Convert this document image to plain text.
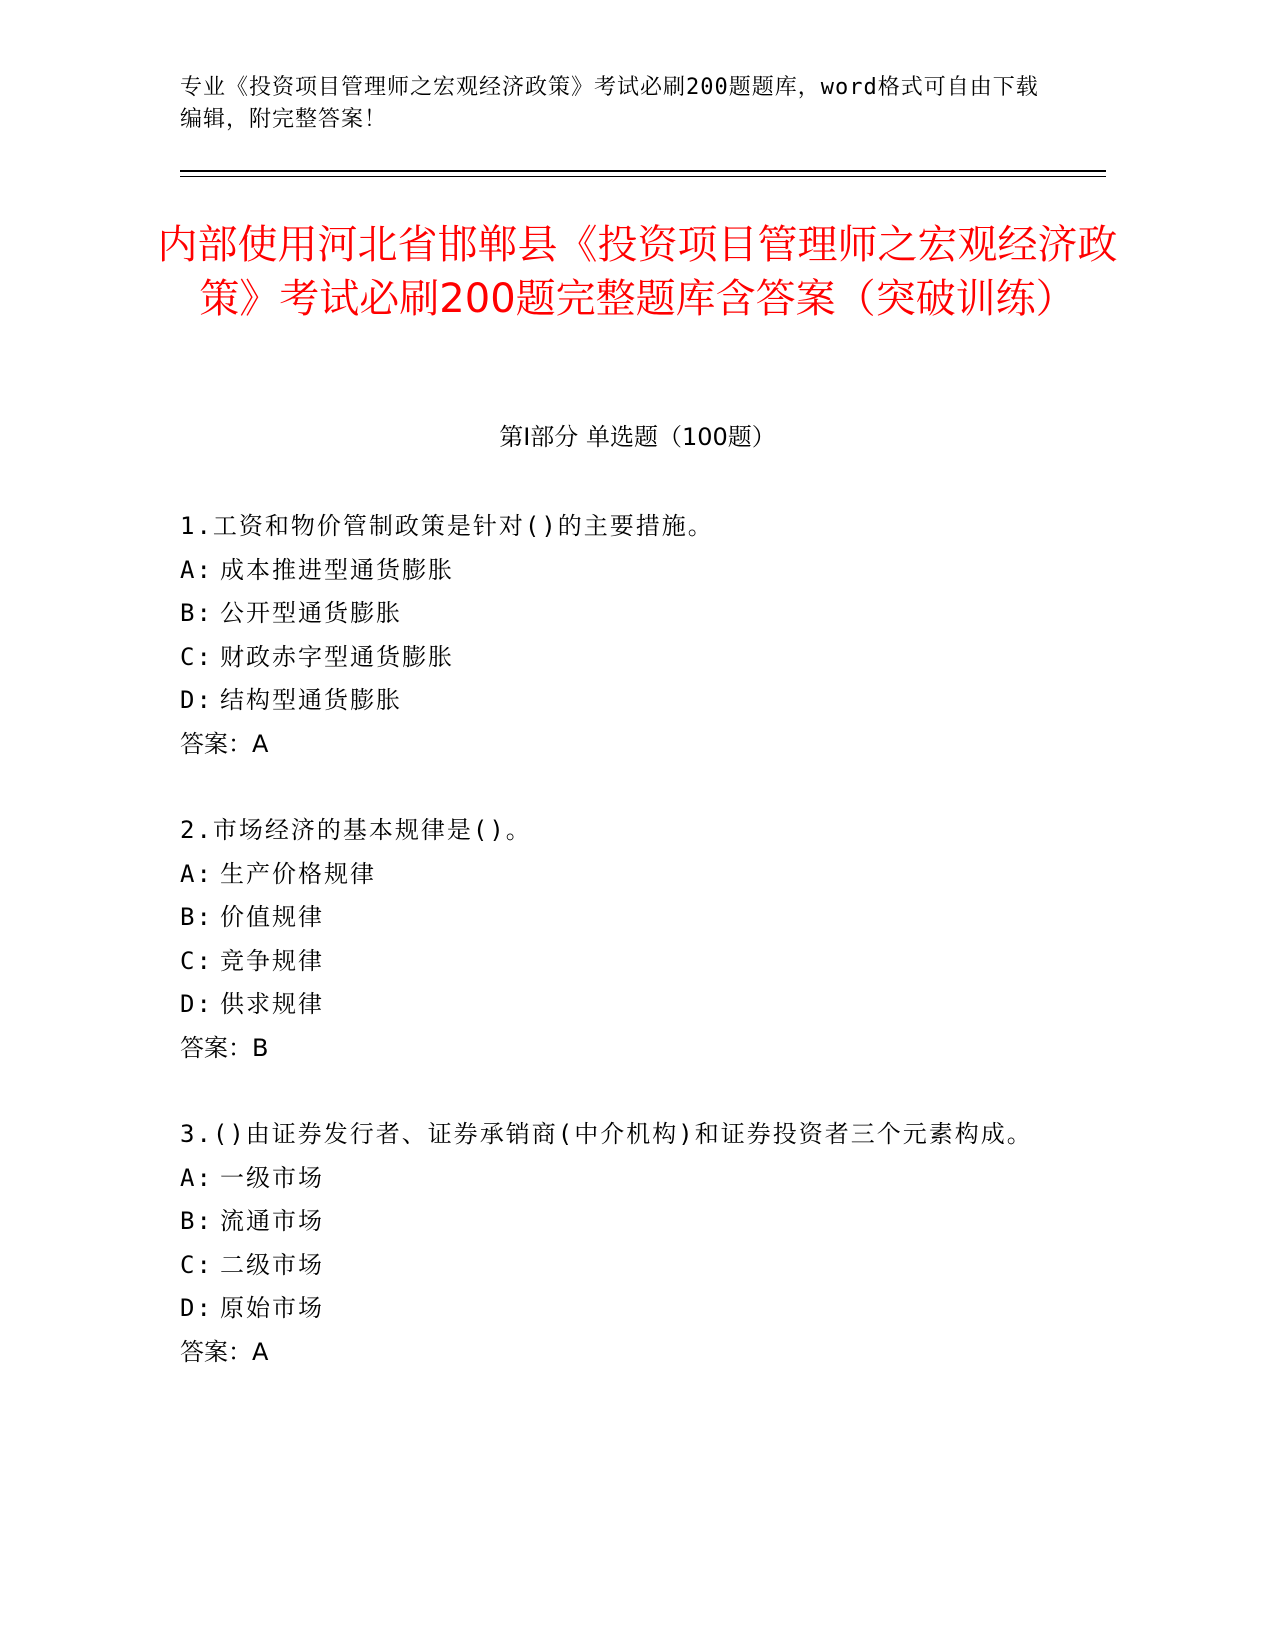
专业《投资项目管理师之宏观经济政策》考试必刷200题题库，word格式可自由下载编辑，附完整答案！
内部使用河北省邯郸县《投资项目管理师之宏观经济政策》考试必刷200题完整题库含答案（突破训练）
第I部分 单选题（100题）
1.工资和物价管制政策是针对()的主要措施。
A: 成本推进型通货膨胀
B: 公开型通货膨胀
C: 财政赤字型通货膨胀
D: 结构型通货膨胀
答案：A
2.市场经济的基本规律是()。
A: 生产价格规律
B: 价值规律
C: 竞争规律
D: 供求规律
答案：B
3.()由证券发行者、证券承销商(中介机构)和证券投资者三个元素构成。
A: 一级市场
B: 流通市场
C: 二级市场
D: 原始市场
答案：A
